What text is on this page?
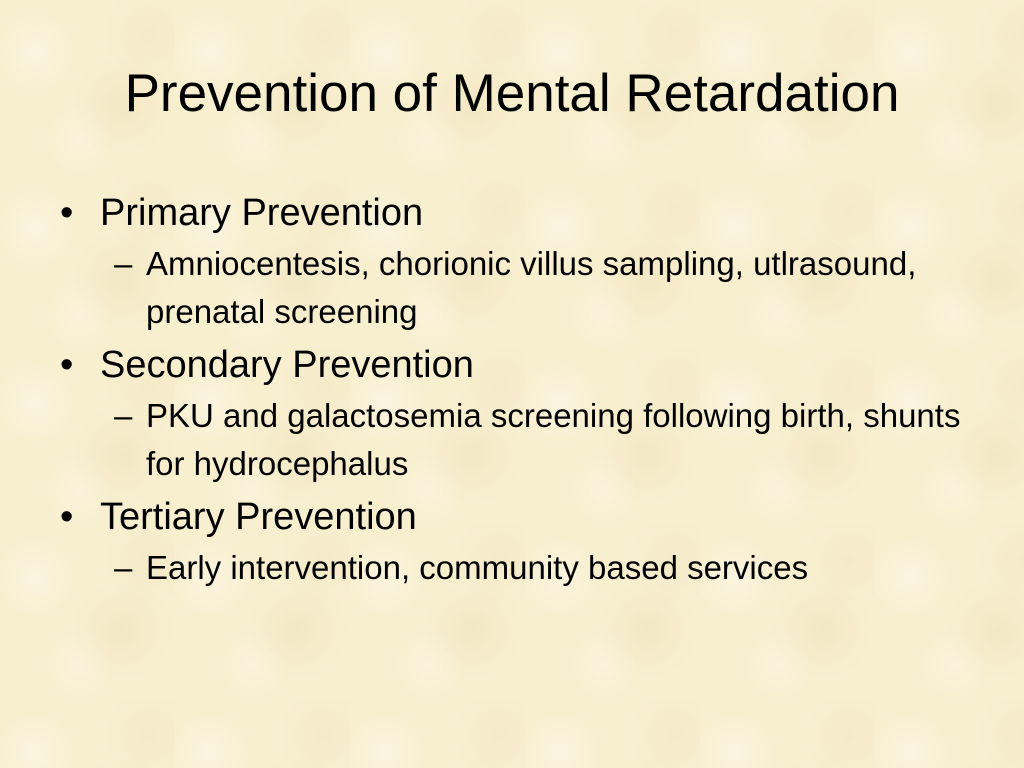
Prevention of Mental Retardation
• Primary Prevention
– Amniocentesis, chorionic villus sampling, utlrasound, prenatal screening
• Secondary Prevention
– PKU and galactosemia screening following birth, shunts for hydrocephalus
• Tertiary Prevention
– Early intervention, community based services
